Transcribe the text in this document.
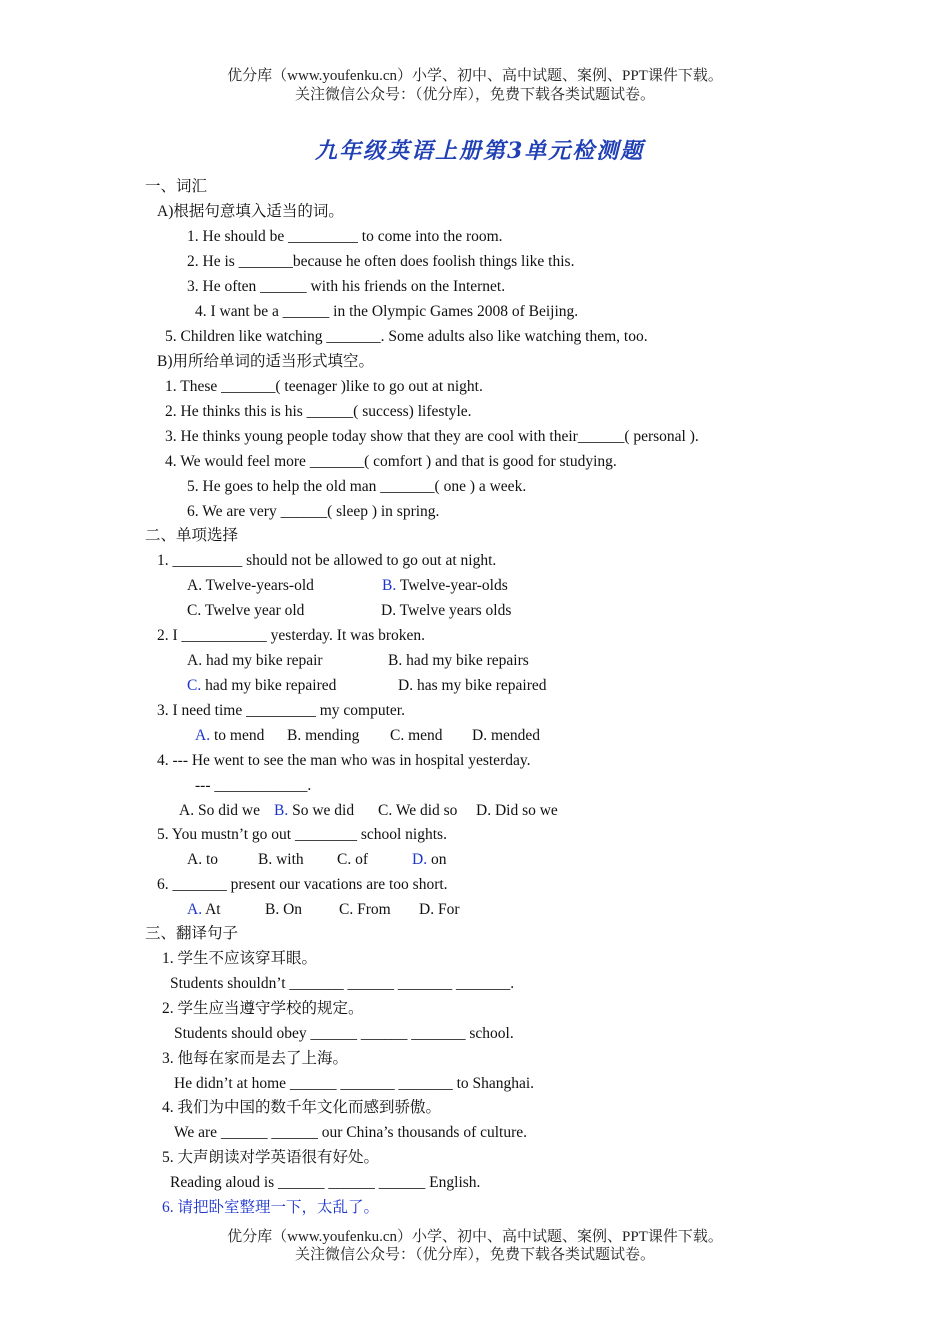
优分库（www.youfenku.cn）小学、初中、高中试题、案例、PPT课件下载。
关注微信公众号：（优分库），免费下载各类试题试卷。
九年级英语上册第3单元检测题
一、词汇
A)根据句意填入适当的词。
1. He should be _________ to come into the room.
2. He is _______because he often does foolish things like this.
3. He often ______ with his friends on the Internet.
4. I want be a ______ in the Olympic Games 2008 of Beijing.
5. Children like watching _______. Some adults also like watching them, too.
B)用所给单词的适当形式填空。
1. These _______( teenager )like to go out at night.
2. He thinks this is his ______( success) lifestyle.
3. He thinks young people today show that they are cool with their______( personal ).
4. We would feel more _______( comfort ) and that is good for studying.
5. He goes to help the old man _______( one ) a week.
6. We are very ______( sleep ) in spring.
二、单项选择
1. _________ should not be allowed to go out at night.
A. Twelve-years-old	B. Twelve-year-olds
C. Twelve year old	D. Twelve years olds
2. I ___________ yesterday. It was broken.
A. had my bike repair	B. had my bike repairs
C. had my bike repaired	D. has my bike repaired
3. I need time _________ my computer.
A. to mend B. mending C. mend D. mended
4. --- He went to see the man who was in hospital yesterday.
--- ____________.
A. So did we B. So we did C. We did so D. Did so we
5. You mustn’t go out ________ school nights.
A. to	B. with C. of	D. on
6. _______ present our vacations are too short.
A. At	B. On C. From D. For
三、翻译句子
1. 学生不应该穿耳眼。
Students shouldn’t _______ ______ _______ _______.
2. 学生应当遵守学校的规定。
Students should obey ______ ______ _______ school.
3. 他每在家而是去了上海。
He didn’t at home ______ _______ _______ to Shanghai.
4. 我们为中国的数千年文化而感到骄傲。
We are ______ ______ our China’s thousands of culture.
5. 大声朗读对学英语很有好处。
Reading aloud is ______ ______ ______ English.
6. 请把卧室整理一下，太乱了。
优分库（www.youfenku.cn）小学、初中、高中试题、案例、PPT课件下载。
关注微信公众号：（优分库），免费下载各类试题试卷。
